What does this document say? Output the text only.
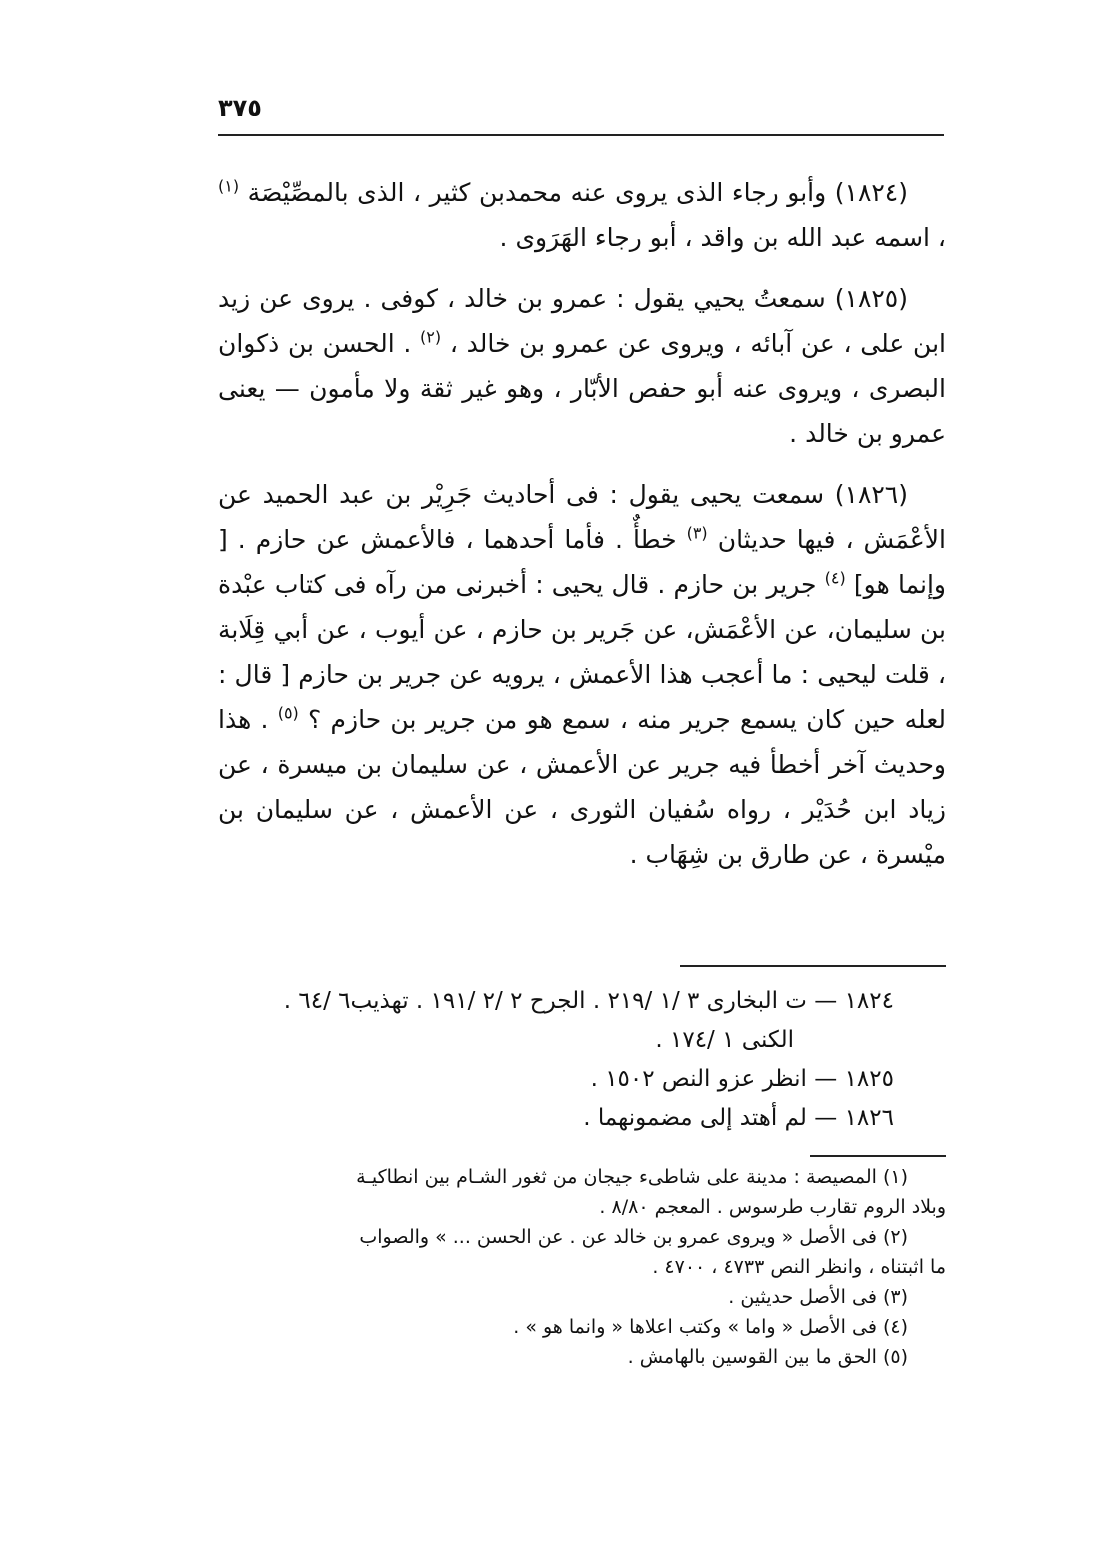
٣٧٥

(١٨٢٤) وأبو رجاء الذى يروى عنه محمدبن كثير ، الذى بالمصِّيْصَة $^{(١)}$ ، اسمه عبد الله بن واقد ، أبو رجاء الهَرَوى .

(١٨٢٥) سمعتُ يحيي يقول : عمرو بن خالد ، كوفى . يروى عن زيد ابن على ، عن آبائه ، ويروى عن عمرو بن خالد ، $^{(٢)}$ . الحسن بن ذكوان البصرى ، ويروى عنه أبو حفص الأبّار ، وهو غير ثقة ولا مأمون — يعنى عمرو بن خالد .

(١٨٢٦) سمعت يحيى يقول : فى أحاديث جَرِيْر بن عبد الحميد عن الأعْمَش ، فيها حديثان $^{(٣)}$ خطأٌ . فأما أحدهما ، فالأعمش عن حازم . [ وإنما هو] $^{(٤)}$ جرير بن حازم . قال يحيى : أخبرنى من رآه فى كتاب عبْدة بن سليمان، عن الأعْمَش، عن جَرير بن حازم ، عن أيوب ، عن أبي قِلَابة ، قلت ليحيى : ما أعجب هذا الأعمش ، يرويه عن جرير بن حازم [ قال : لعله حين كان يسمع جرير منه ، سمع هو من جرير بن حازم ؟ $^{(٥)}$ . هذا وحديث آخر أخطأ فيه جرير عن الأعمش ، عن سليمان بن ميسرة ، عن زياد ابن حُدَيْر ، رواه سُفيان الثورى ، عن الأعمش ، عن سليمان بن ميْسرة ، عن طارق بن شِهَاب .

١٨٢٤ — ت البخارى ٣ /١ /٢١٩ . الجرح ٢ /٢ /١٩١ . تهذيب٦ /٦٤ .
الكنى ١ /١٧٤ .
١٨٢٥ — انظر عزو النص ١٥٠٢ .
١٨٢٦ — لم أهتد إلى مضمونهما .
(١) المصيصة : مدينة على شاطىء جيجان من ثغور الشـام بين انطاكيـة
وبلاد الروم تقارب طرسوس . المعجم ٨/٨٠ .
(٢) فى الأصل « ويروى عمرو بن خالد عن . عن الحسن ... » والصواب
ما اثبتناه ، وانظر النص ٤٧٣٣ ، ٤٧٠٠ .
(٣) فى الأصل حديثين .
(٤) فى الأصل « واما » وكتب اعلاها « وانما هو » .
(٥) الحق ما بين القوسين بالهامش .
